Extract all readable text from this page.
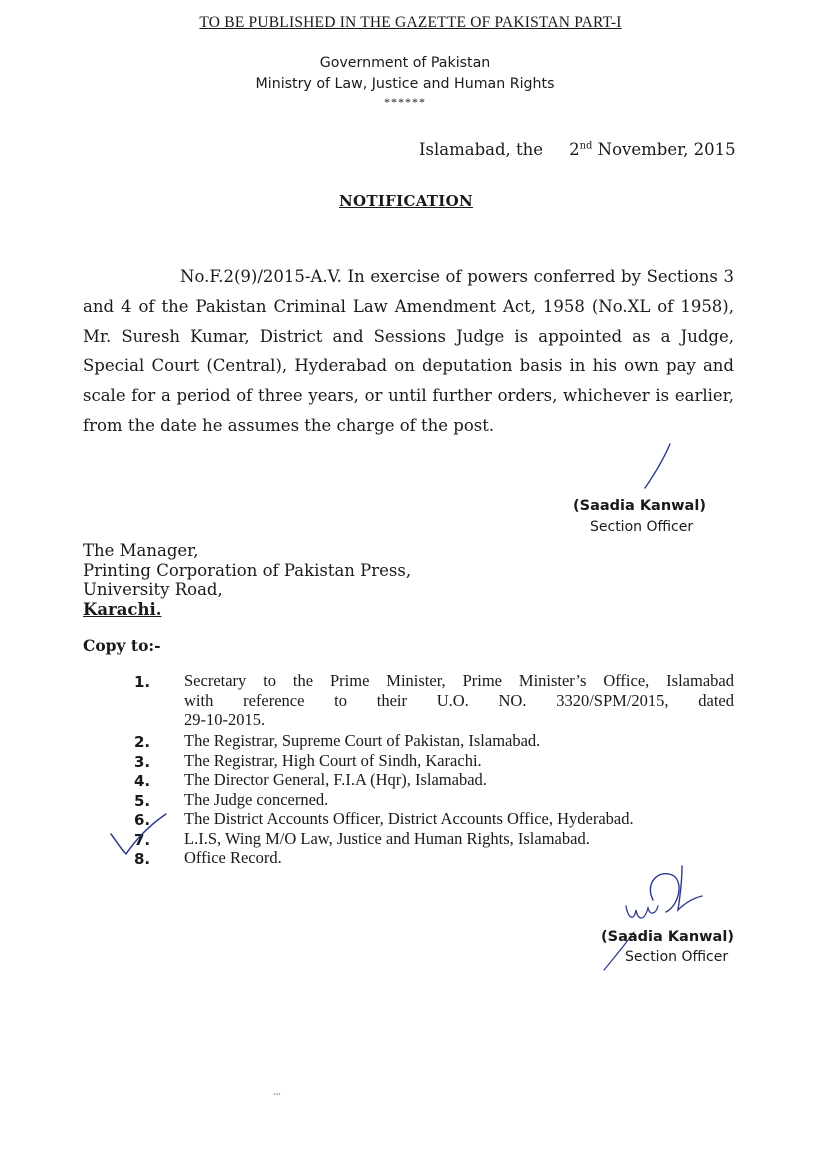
TO BE PUBLISHED IN THE GAZETTE OF PAKISTAN PART-I
Government of Pakistan
Ministry of Law, Justice and Human Rights
******
Islamabad, the 2nd November, 2015
NOTIFICATION
No.F.2(9)/2015-A.V. In exercise of powers conferred by Sections 3
and 4 of the Pakistan Criminal Law Amendment Act, 1958 (No.XL of 1958),
Mr. Suresh Kumar, District and Sessions Judge is appointed as a Judge,
Special Court (Central), Hyderabad on deputation basis in his own pay and
scale for a period of three years, or until further orders, whichever is earlier,
from the date he assumes the charge of the post.
(Saadia Kanwal)
Section Officer
The Manager,
Printing Corporation of Pakistan Press,
University Road,
Karachi.
Copy to:-
1. Secretary to the Prime Minister, Prime Minister’s Office, Islamabad
with reference to their U.O. NO. 3320/SPM/2015, dated
29-10-2015.
2. The Registrar, Supreme Court of Pakistan, Islamabad.
3. The Registrar, High Court of Sindh, Karachi.
4. The Director General, F.I.A (Hqr), Islamabad.
5. The Judge concerned.
6. The District Accounts Officer, District Accounts Office, Hyderabad.
7. L.I.S, Wing M/O Law, Justice and Human Rights, Islamabad.
8. Office Record.
(Saadia Kanwal)
Section Officer
